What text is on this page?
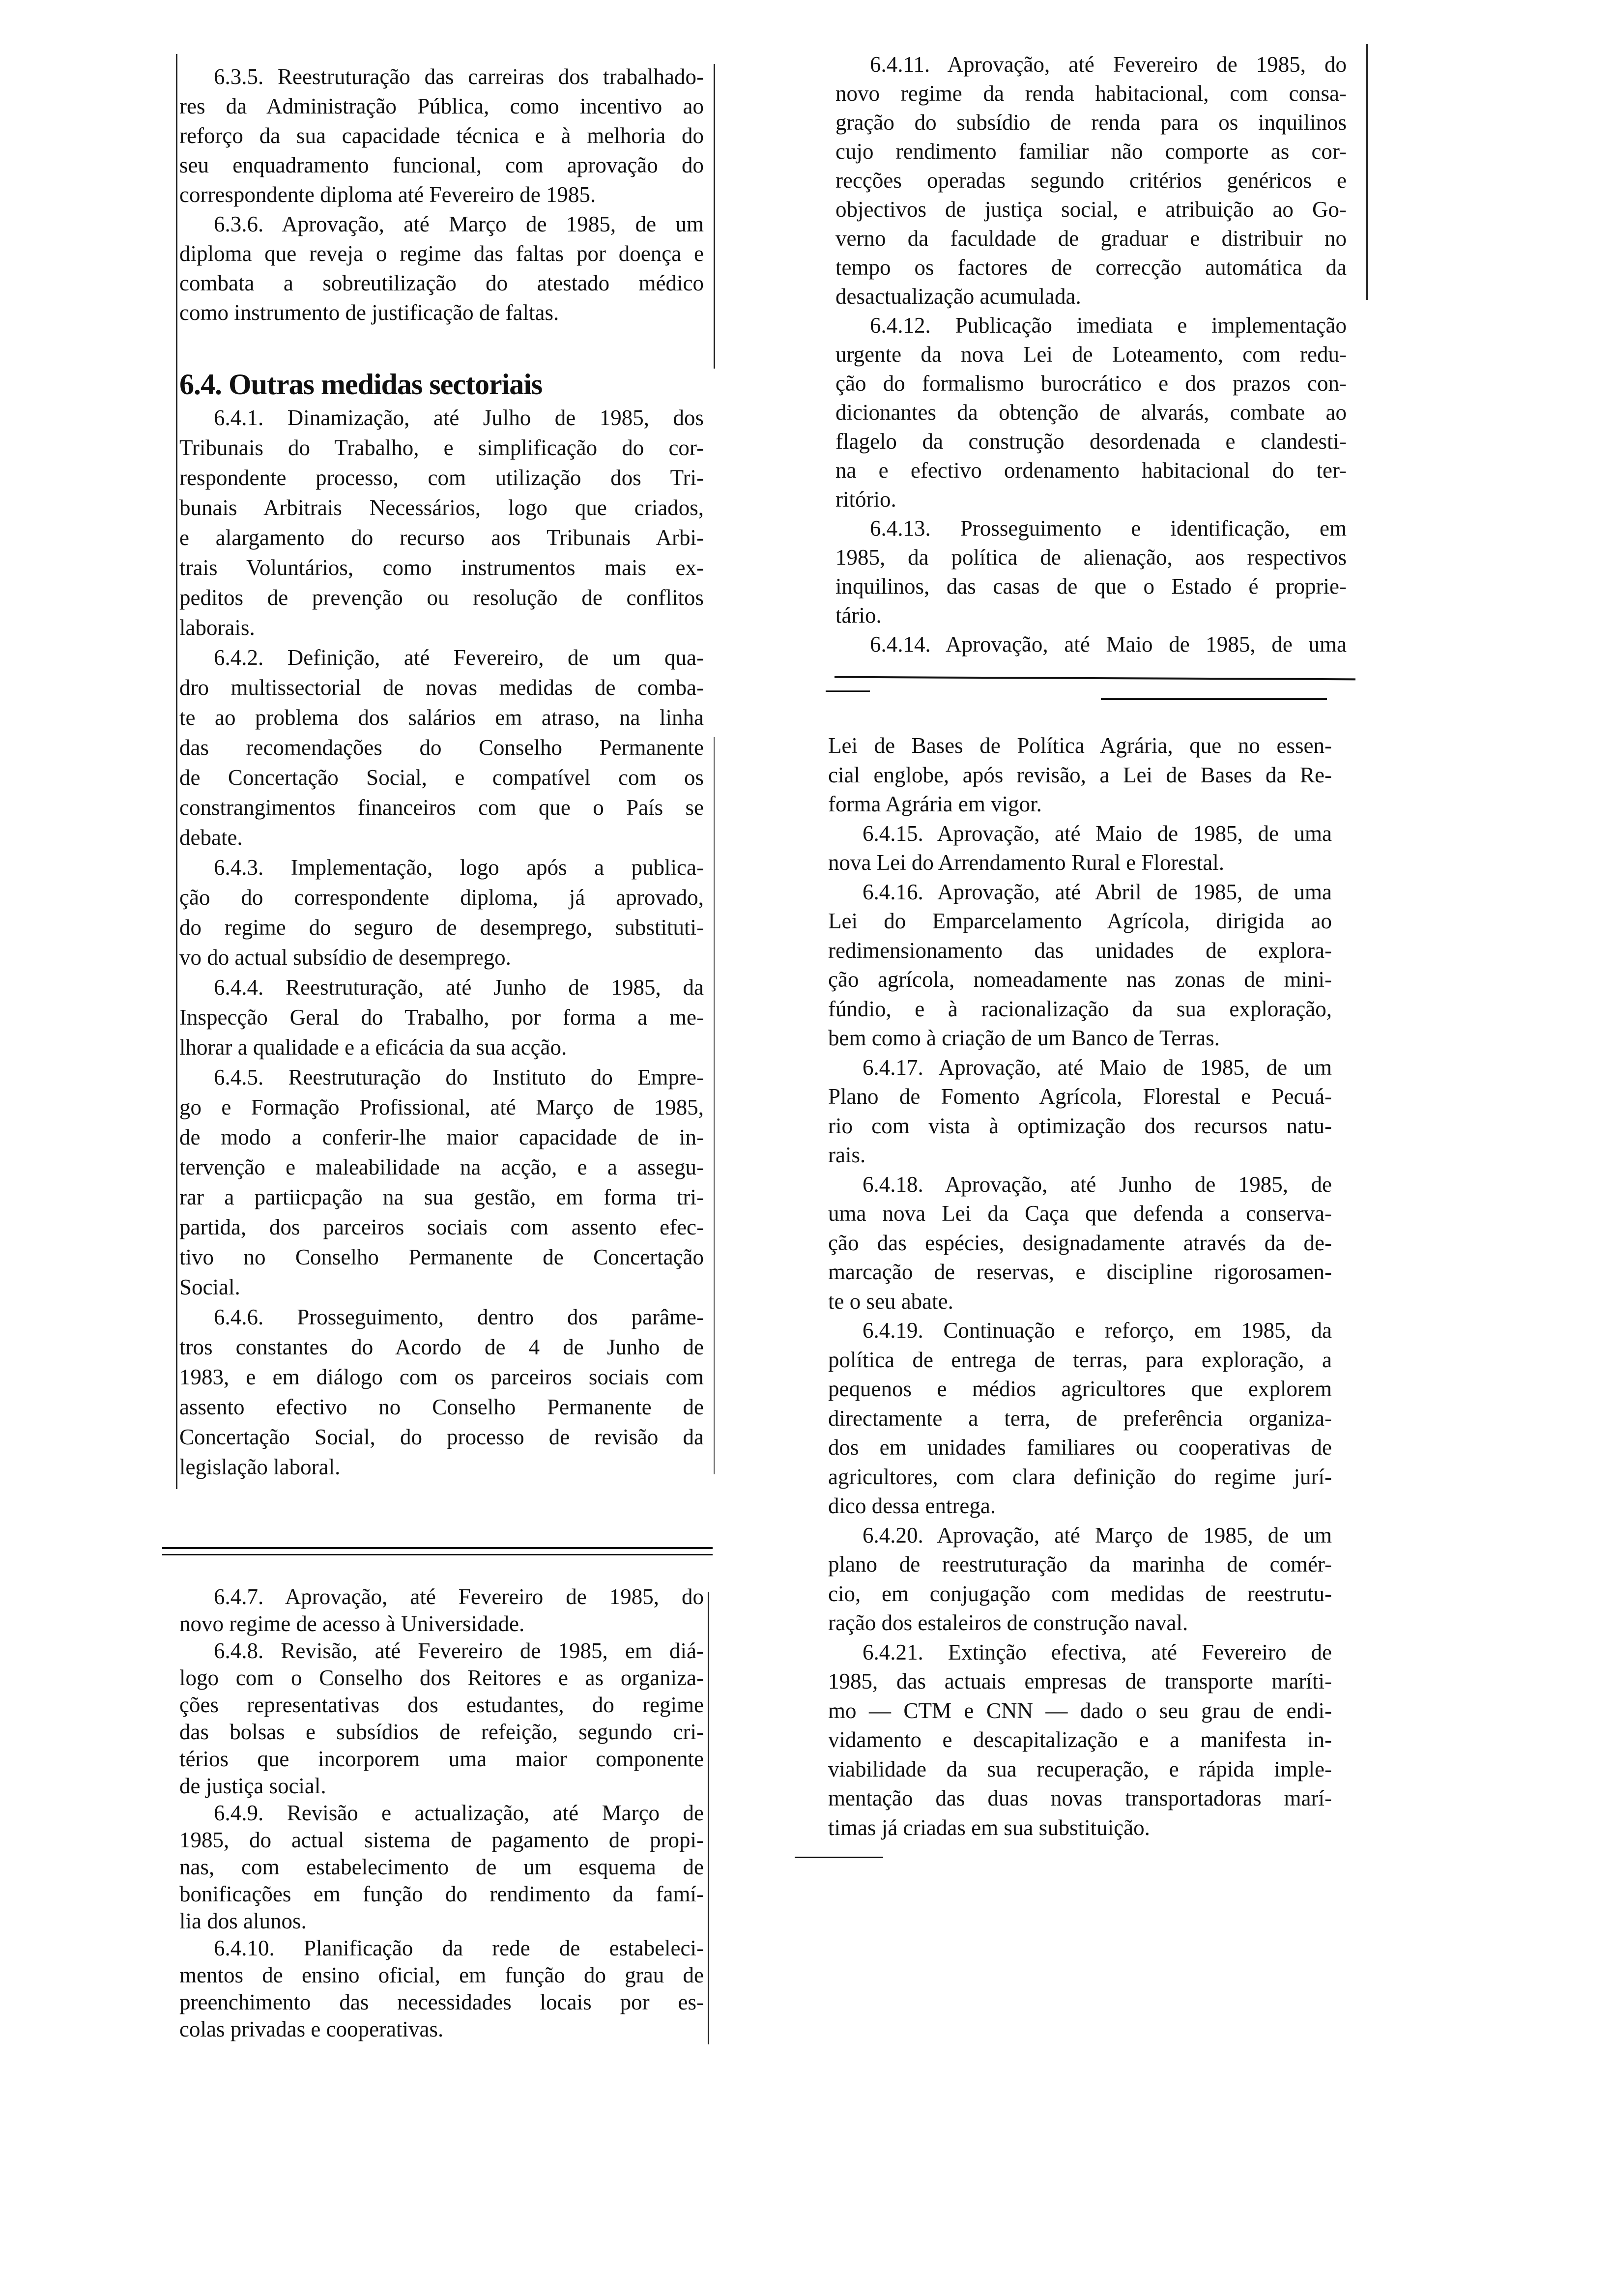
6.3.5. Reestruturação das carreiras dos trabalhado-
res da Administração Pública, como incentivo ao
reforço da sua capacidade técnica e à melhoria do
seu enquadramento funcional, com aprovação do
correspondente diploma até Fevereiro de 1985.
6.3.6. Aprovação, até Março de 1985, de um
diploma que reveja o regime das faltas por doença e
combata a sobreutilização do atestado médico
como instrumento de justificação de faltas.
6.4. Outras medidas sectoriais
6.4.1. Dinamização, até Julho de 1985, dos
Tribunais do Trabalho, e simplificação do cor-
respondente processo, com utilização dos Tri-
bunais Arbitrais Necessários, logo que criados,
e alargamento do recurso aos Tribunais Arbi-
trais Voluntários, como instrumentos mais ex-
peditos de prevenção ou resolução de conflitos
laborais.
6.4.2. Definição, até Fevereiro, de um qua-
dro multissectorial de novas medidas de comba-
te ao problema dos salários em atraso, na linha
das recomendações do Conselho Permanente
de Concertação Social, e compatível com os
constrangimentos financeiros com que o País se
debate.
6.4.3. Implementação, logo após a publica-
ção do correspondente diploma, já aprovado,
do regime do seguro de desemprego, substituti-
vo do actual subsídio de desemprego.
6.4.4. Reestruturação, até Junho de 1985, da
Inspecção Geral do Trabalho, por forma a me-
lhorar a qualidade e a eficácia da sua acção.
6.4.5. Reestruturação do Instituto do Empre-
go e Formação Profissional, até Março de 1985,
de modo a conferir-lhe maior capacidade de in-
tervenção e maleabilidade na acção, e a assegu-
rar a partiicpação na sua gestão, em forma tri-
partida, dos parceiros sociais com assento efec-
tivo no Conselho Permanente de Concertação
Social.
6.4.6. Prosseguimento, dentro dos parâme-
tros constantes do Acordo de 4 de Junho de
1983, e em diálogo com os parceiros sociais com
assento efectivo no Conselho Permanente de
Concertação Social, do processo de revisão da
legislação laboral.
6.4.7. Aprovação, até Fevereiro de 1985, do
novo regime de acesso à Universidade.
6.4.8. Revisão, até Fevereiro de 1985, em diá-
logo com o Conselho dos Reitores e as organiza-
ções representativas dos estudantes, do regime
das bolsas e subsídios de refeição, segundo cri-
térios que incorporem uma maior componente
de justiça social.
6.4.9. Revisão e actualização, até Março de
1985, do actual sistema de pagamento de propi-
nas, com estabelecimento de um esquema de
bonificações em função do rendimento da famí-
lia dos alunos.
6.4.10. Planificação da rede de estabeleci-
mentos de ensino oficial, em função do grau de
preenchimento das necessidades locais por es-
colas privadas e cooperativas.
6.4.11. Aprovação, até Fevereiro de 1985, do
novo regime da renda habitacional, com consa-
gração do subsídio de renda para os inquilinos
cujo rendimento familiar não comporte as cor-
recções operadas segundo critérios genéricos e
objectivos de justiça social, e atribuição ao Go-
verno da faculdade de graduar e distribuir no
tempo os factores de correcção automática da
desactualização acumulada.
6.4.12. Publicação imediata e implementação
urgente da nova Lei de Loteamento, com redu-
ção do formalismo burocrático e dos prazos con-
dicionantes da obtenção de alvarás, combate ao
flagelo da construção desordenada e clandesti-
na e efectivo ordenamento habitacional do ter-
ritório.
6.4.13. Prosseguimento e identificação, em
1985, da política de alienação, aos respectivos
inquilinos, das casas de que o Estado é proprie-
tário.
6.4.14. Aprovação, até Maio de 1985, de uma
Lei de Bases de Política Agrária, que no essen-
cial englobe, após revisão, a Lei de Bases da Re-
forma Agrária em vigor.
6.4.15. Aprovação, até Maio de 1985, de uma
nova Lei do Arrendamento Rural e Florestal.
6.4.16. Aprovação, até Abril de 1985, de uma
Lei do Emparcelamento Agrícola, dirigida ao
redimensionamento das unidades de explora-
ção agrícola, nomeadamente nas zonas de mini-
fúndio, e à racionalização da sua exploração,
bem como à criação de um Banco de Terras.
6.4.17. Aprovação, até Maio de 1985, de um
Plano de Fomento Agrícola, Florestal e Pecuá-
rio com vista à optimização dos recursos natu-
rais.
6.4.18. Aprovação, até Junho de 1985, de
uma nova Lei da Caça que defenda a conserva-
ção das espécies, designadamente através da de-
marcação de reservas, e discipline rigorosamen-
te o seu abate.
6.4.19. Continuação e reforço, em 1985, da
política de entrega de terras, para exploração, a
pequenos e médios agricultores que explorem
directamente a terra, de preferência organiza-
dos em unidades familiares ou cooperativas de
agricultores, com clara definição do regime jurí-
dico dessa entrega.
6.4.20. Aprovação, até Março de 1985, de um
plano de reestruturação da marinha de comér-
cio, em conjugação com medidas de reestrutu-
ração dos estaleiros de construção naval.
6.4.21. Extinção efectiva, até Fevereiro de
1985, das actuais empresas de transporte maríti-
mo — CTM e CNN — dado o seu grau de endi-
vidamento e descapitalização e a manifesta in-
viabilidade da sua recuperação, e rápida imple-
mentação das duas novas transportadoras marí-
timas já criadas em sua substituição.
